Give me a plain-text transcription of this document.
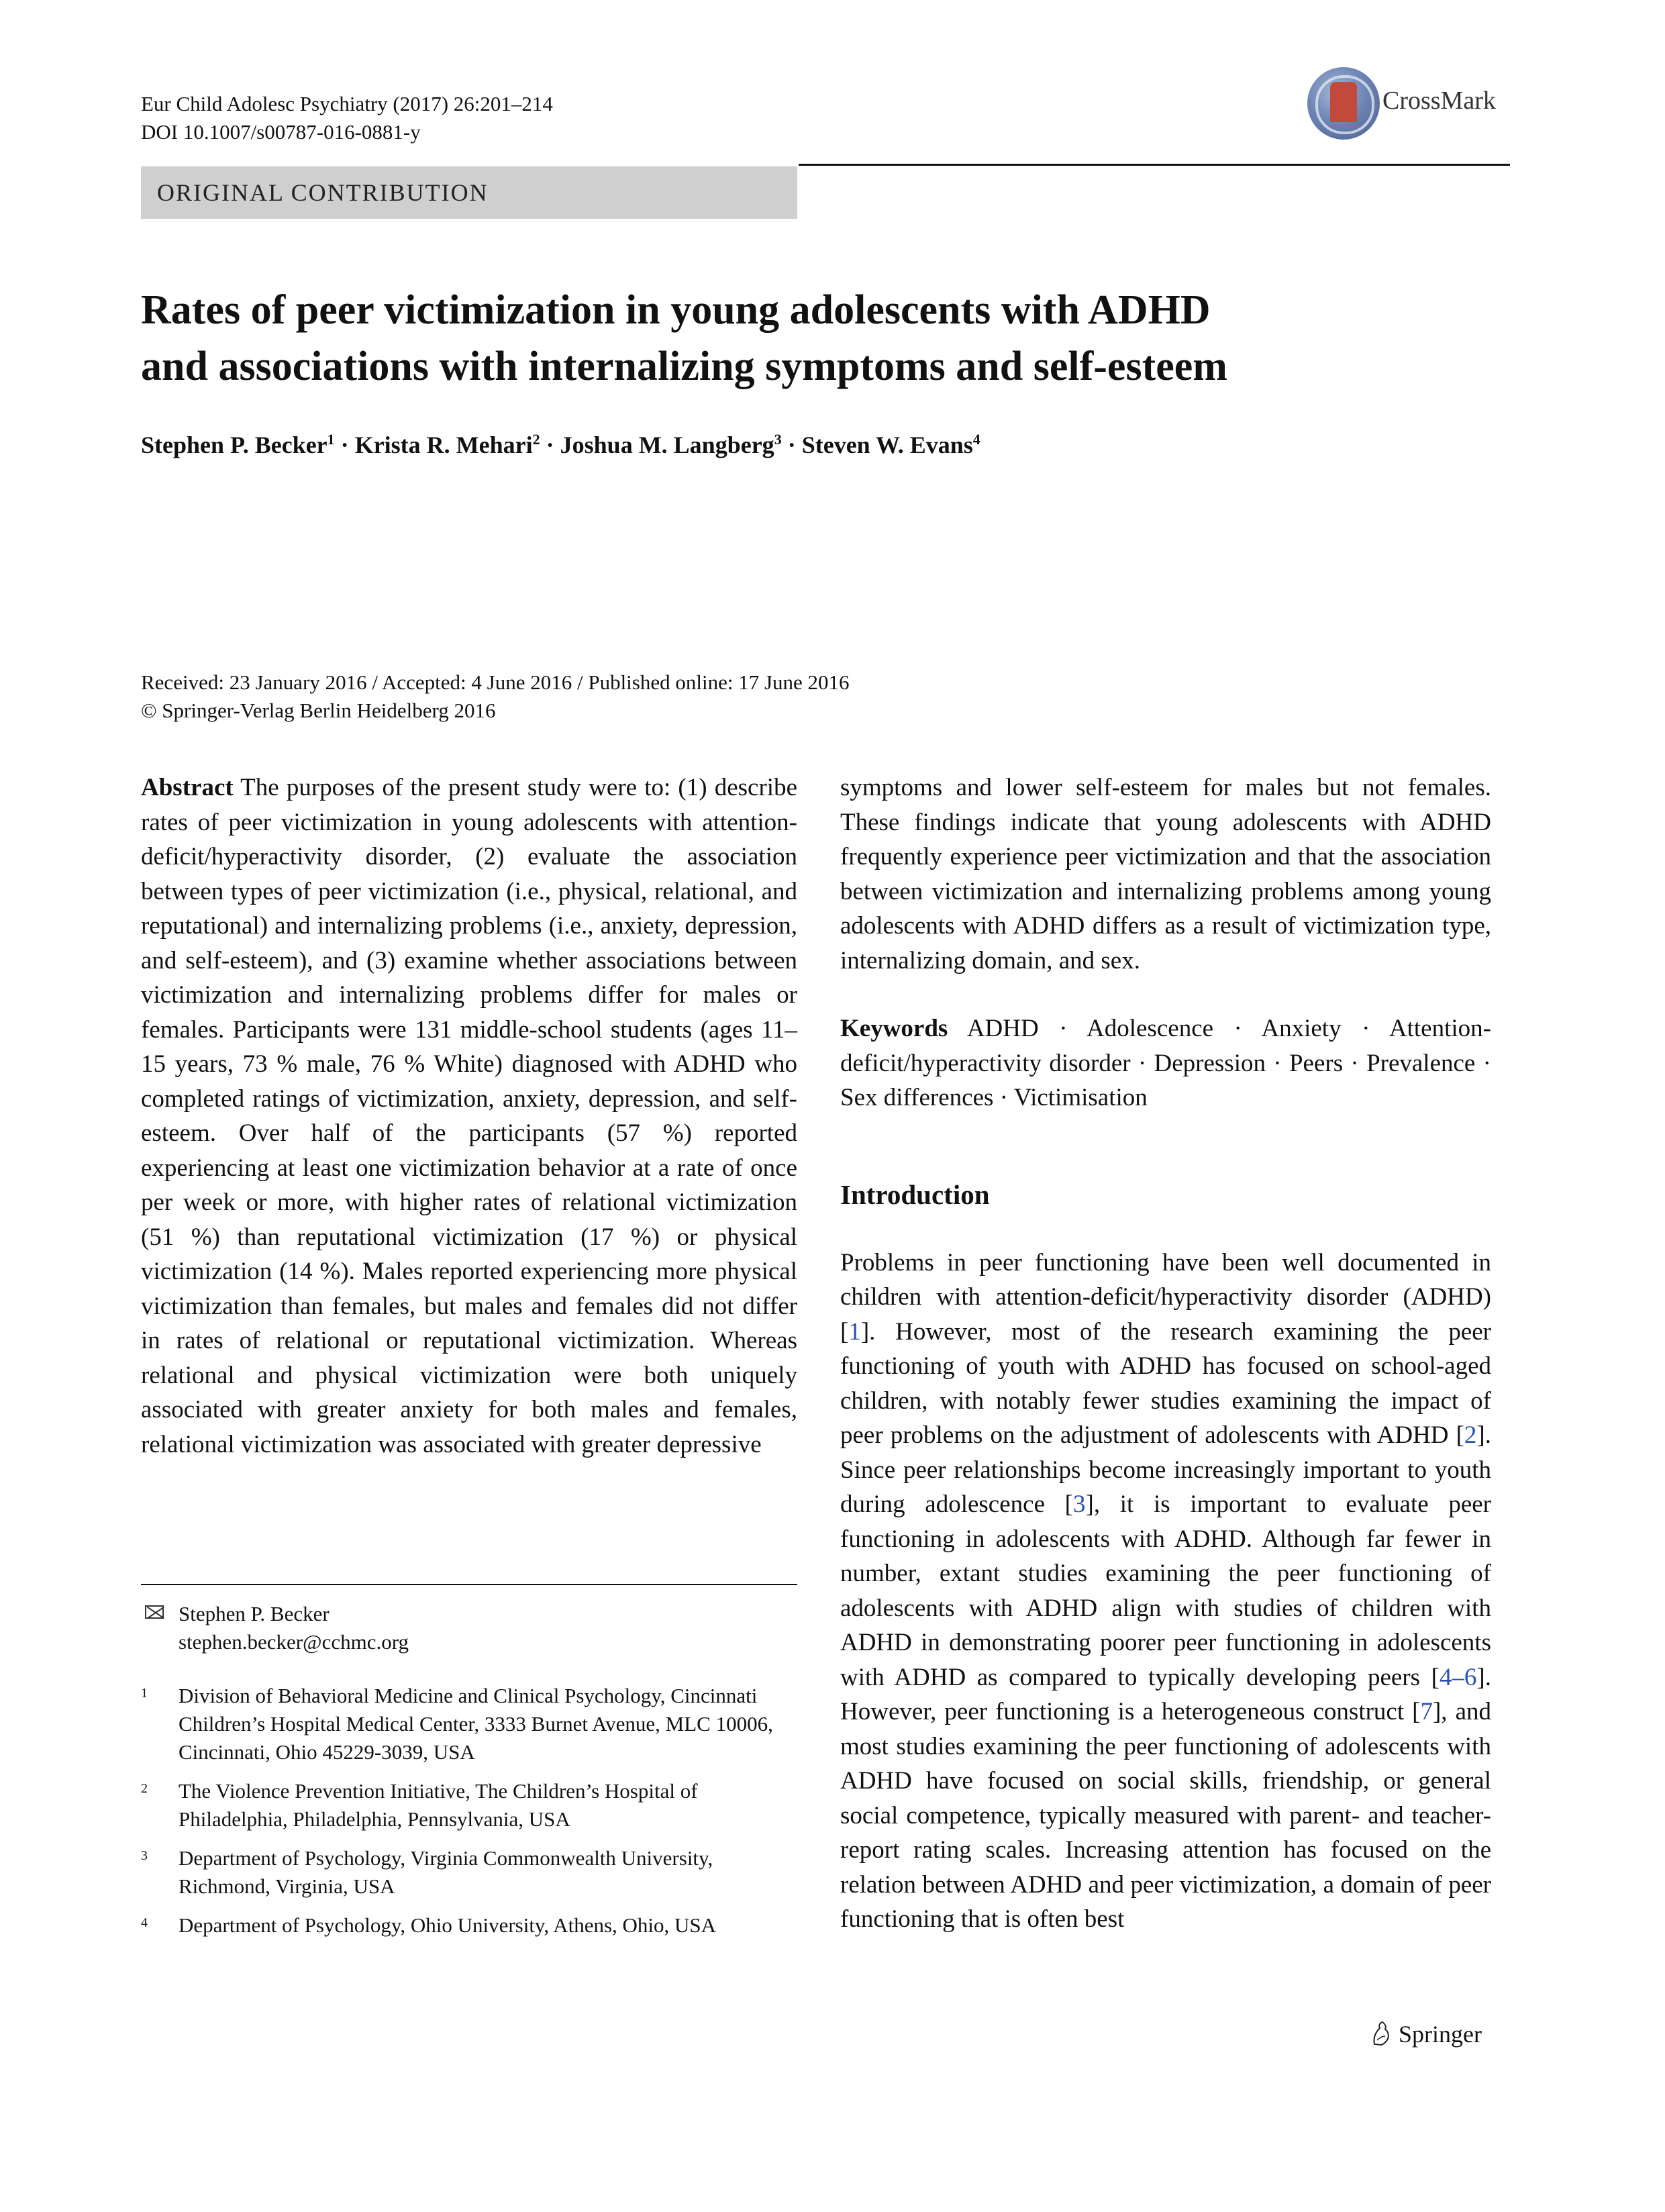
Eur Child Adolesc Psychiatry (2017) 26:201–214
DOI 10.1007/s00787-016-0881-y
CrossMark
ORIGINAL CONTRIBUTION
Rates of peer victimization in young adolescents with ADHD
and associations with internalizing symptoms and self-esteem
Stephen P. Becker$^1$ · Krista R. Mehari$^2$ · Joshua M. Langberg$^3$ · Steven W. Evans$^4$
Received: 23 January 2016 / Accepted: 4 June 2016 / Published online: 17 June 2016
© Springer-Verlag Berlin Heidelberg 2016

Abstract The purposes of the present study were to: (1) describe rates of peer victimization in young adolescents with attention-deficit/hyperactivity disorder, (2) evaluate the association between types of peer victimization (i.e., physical, relational, and reputational) and internalizing problems (i.e., anxiety, depression, and self-esteem), and (3) examine whether associations between victimization and internalizing problems differ for males or females. Participants were 131 middle-school students (ages 11–15 years, 73 % male, 76 % White) diagnosed with ADHD who completed ratings of victimization, anxiety, depression, and self-esteem. Over half of the participants (57 %) reported experiencing at least one victimization behavior at a rate of once per week or more, with higher rates of relational victimization (51 %) than reputational victimization (17 %) or physical victimization (14 %). Males reported experiencing more physical victimization than females, but males and females did not differ in rates of relational or reputational victimization. Whereas relational and physical victimization were both uniquely associated with greater anxiety for both males and females, relational victimization was associated with greater depressive

symptoms and lower self-esteem for males but not females. These findings indicate that young adolescents with ADHD frequently experience peer victimization and that the association between victimization and internalizing problems among young adolescents with ADHD differs as a result of victimization type, internalizing domain, and sex.

Keywords ADHD · Adolescence · Anxiety · Attention-deficit/hyperactivity disorder · Depression · Peers · Prevalence · Sex differences · Victimisation

Introduction

Problems in peer functioning have been well documented in children with attention-deficit/hyperactivity disorder (ADHD) [1]. However, most of the research examining the peer functioning of youth with ADHD has focused on school-aged children, with notably fewer studies examining the impact of peer problems on the adjustment of adolescents with ADHD [2]. Since peer relationships become increasingly important to youth during adolescence [3], it is important to evaluate peer functioning in adolescents with ADHD. Although far fewer in number, extant studies examining the peer functioning of adolescents with ADHD align with studies of children with ADHD in demonstrating poorer peer functioning in adolescents with ADHD as compared to typically developing peers [4–6]. However, peer functioning is a heterogeneous construct [7], and most studies examining the peer functioning of adolescents with ADHD have focused on social skills, friendship, or general social competence, typically measured with parent- and teacher-report rating scales. Increasing attention has focused on the relation between ADHD and peer victimization, a domain of peer functioning that is often best

Stephen P. Becker
stephen.becker@cchmc.org
1 Division of Behavioral Medicine and Clinical Psychology, Cincinnati Children’s Hospital Medical Center, 3333 Burnet Avenue, MLC 10006, Cincinnati, Ohio 45229-3039, USA
2 The Violence Prevention Initiative, The Children’s Hospital of Philadelphia, Philadelphia, Pennsylvania, USA
3 Department of Psychology, Virginia Commonwealth University, Richmond, Virginia, USA
4 Department of Psychology, Ohio University, Athens, Ohio, USA
Springer
